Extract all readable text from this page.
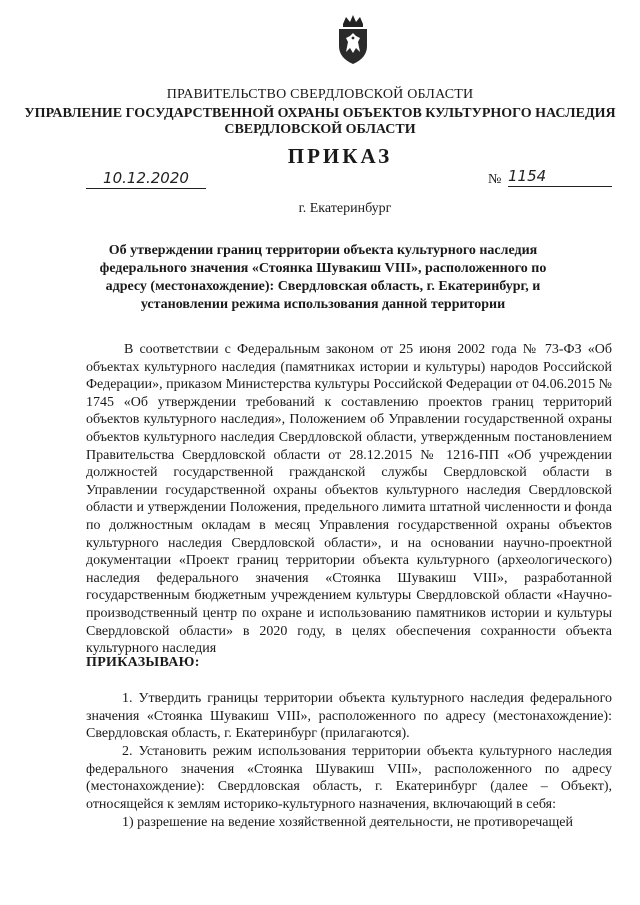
ПРАВИТЕЛЬСТВО СВЕРДЛОВСКОЙ ОБЛАСТИ
УПРАВЛЕНИЕ ГОСУДАРСТВЕННОЙ ОХРАНЫ ОБЪЕКТОВ КУЛЬТУРНОГО НАСЛЕДИЯ
СВЕРДЛОВСКОЙ ОБЛАСТИ
ПРИКАЗ
10.12.2020	№ 1154
г. Екатеринбург
Об утверждении границ территории объекта культурного наследия федерального значения «Стоянка Шувакиш VIII», расположенного по адресу (местонахождение): Свердловская область, г. Екатеринбург, и установлении режима использования данной территории

В соответствии с Федеральным законом от 25 июня 2002 года № 73-ФЗ «Об объектах культурного наследия (памятниках истории и культуры) народов Российской Федерации», приказом Министерства культуры Российской Федерации от 04.06.2015 № 1745 «Об утверждении требований к составлению проектов границ территорий объектов культурного наследия», Положением об Управлении государственной охраны объектов культурного наследия Свердловской области, утвержденным постановлением Правительства Свердловской области от 28.12.2015 № 1216-ПП «Об учреждении должностей государственной гражданской службы Свердловской области в Управлении государственной охраны объектов культурного наследия Свердловской области и утверждении Положения, предельного лимита штатной численности и фонда по должностным окладам в месяц Управления государственной охраны объектов культурного наследия Свердловской области», и на основании научно-проектной документации «Проект границ территории объекта культурного (археологического) наследия федерального значения «Стоянка Шувакиш VIII», разработанной государственным бюджетным учреждением культуры Свердловской области «Научно-производственный центр по охране и использованию памятников истории и культуры Свердловской области» в 2020 году, в целях обеспечения сохранности объекта культурного наследия

ПРИКАЗЫВАЮ:

1. Утвердить границы территории объекта культурного наследия федерального значения «Стоянка Шувакиш VIII», расположенного по адресу (местонахождение): Свердловская область, г. Екатеринбург (прилагаются).

2. Установить режим использования территории объекта культурного наследия федерального значения «Стоянка Шувакиш VIII», расположенного по адресу (местонахождение): Свердловская область, г. Екатеринбург (далее – Объект), относящейся к землям историко-культурного назначения, включающий в себя:

1) разрешение на ведение хозяйственной деятельности, не противоречащей
